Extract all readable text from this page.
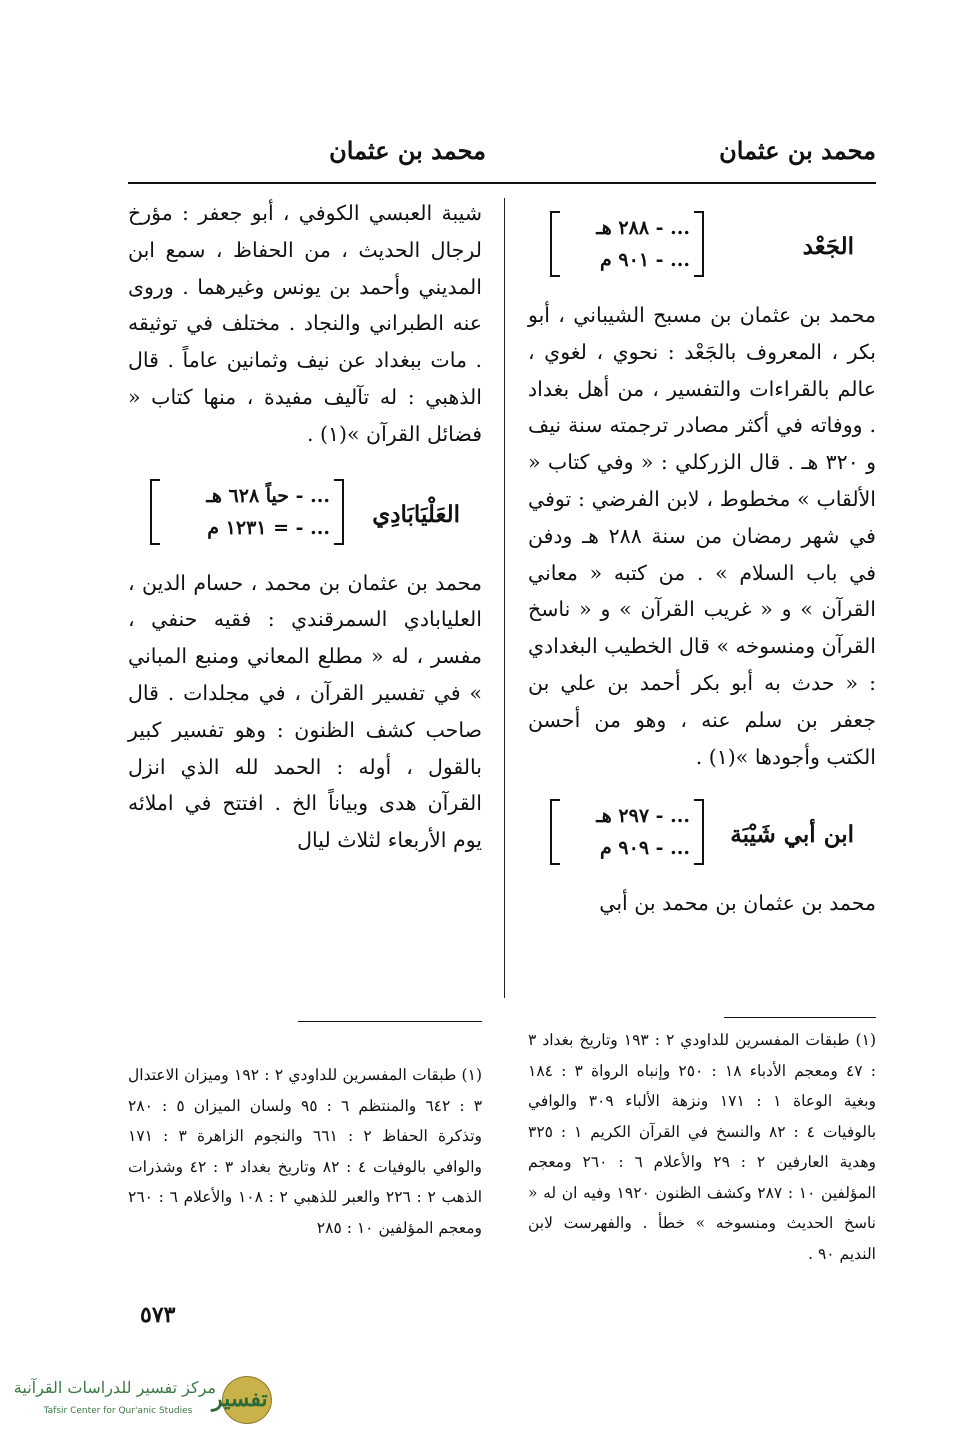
محمد بن عثمان
محمد بن عثمان
الجَعْد
... - ٢٨٨ هـ
... - ٩٠١ م

محمد بن عثمان بن مسبح الشيباني ، أبو بكر ، المعروف بالجَعْد : نحوي ، لغوي ، عالم بالقراءات والتفسير ، من أهل بغداد . ووفاته في أكثر مصادر ترجمته سنة نيف و ٣٢٠ هـ . قال الزركلي : « وفي كتاب « الألقاب » مخطوط ، لابن الفرضي : توفي في شهر رمضان من سنة ٢٨٨ هـ ودفن في باب السلام » . من كتبه « معاني القرآن » و « غريب القرآن » و « ناسخ القرآن ومنسوخه » قال الخطيب البغدادي : « حدث به أبو بكر أحمد بن علي بن جعفر بن سلم عنه ، وهو من أحسن الكتب وأجودها »(١) .

ابن أبي شَيْبَة
... - ٢٩٧ هـ
... - ٩٠٩ م

محمد بن عثمان بن محمد بن أبي

شيبة العبسي الكوفي ، أبو جعفر : مؤرخ لرجال الحديث ، من الحفاظ ، سمع ابن المديني وأحمد بن يونس وغيرهما . وروى عنه الطبراني والنجاد . مختلف في توثيقه . مات ببغداد عن نيف وثمانين عاماً . قال الذهبي : له تآليف مفيدة ، منها كتاب « فضائل القرآن »(١) .

العَلْيَابَادِي
... - حياً ٦٢٨ هـ
... - = ١٢٣١ م

محمد بن عثمان بن محمد ، حسام الدين ، العليابادي السمرقندي : فقيه حنفي ، مفسر ، له « مطلع المعاني ومنبع المباني » في تفسير القرآن ، في مجلدات . قال صاحب كشف الظنون : وهو تفسير كبير بالقول ، أوله : الحمد لله الذي انزل القرآن هدى وبياناً الخ . افتتح في املائه يوم الأربعاء لثلاث ليال

(١) طبقات المفسرين للداودي ٢ : ١٩٣ وتاريخ بغداد ٣ : ٤٧ ومعجم الأدباء ١٨ : ٢٥٠ وإنباه الرواة ٣ : ١٨٤ وبغية الوعاة ١ : ١٧١ ونزهة الألباء ٣٠٩ والوافي بالوفيات ٤ : ٨٢ والنسخ في القرآن الكريم ١ : ٣٢٥ وهدية العارفين ٢ : ٢٩ والأعلام ٦ : ٢٦٠ ومعجم المؤلفين ١٠ : ٢٨٧ وكشف الظنون ١٩٢٠ وفيه ان له « ناسخ الحديث ومنسوخه » خطأ . والفهرست لابن النديم ٩٠ .
(١) طبقات المفسرين للداودي ٢ : ١٩٢ وميزان الاعتدال ٣ : ٦٤٢ والمنتظم ٦ : ٩٥ ولسان الميزان ٥ : ٢٨٠ وتذكرة الحفاظ ٢ : ٦٦١ والنجوم الزاهرة ٣ : ١٧١ والوافي بالوفيات ٤ : ٨٢ وتاريخ بغداد ٣ : ٤٢ وشذرات الذهب ٢ : ٢٢٦ والعبر للذهبي ٢ : ١٠٨ والأعلام ٦ : ٢٦٠ ومعجم المؤلفين ١٠ : ٢٨٥
٥٧٣
تفسير
مركز تفسير للدراسات القرآنية
Tafsir Center for Qur'anic Studies
